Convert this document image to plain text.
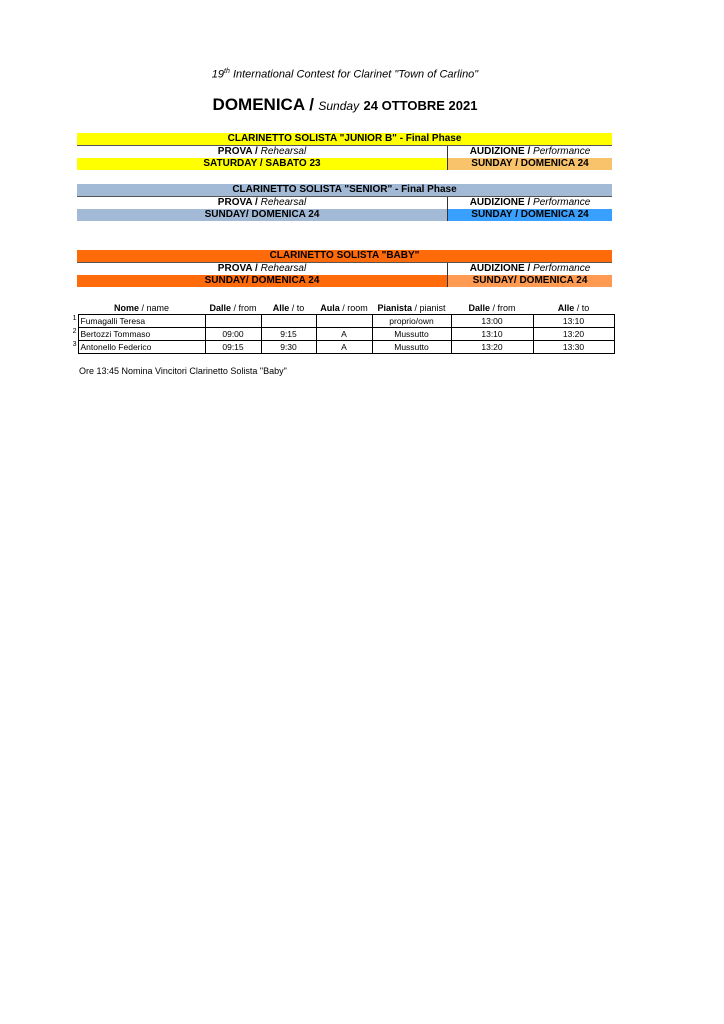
19th International Contest for Clarinet "Town of Carlino"
DOMENICA / Sunday 24 OTTOBRE 2021
CLARINETTO SOLISTA "JUNIOR B" - Final Phase
PROVA / Rehearsal	AUDIZIONE / Performance
SATURDAY / SABATO 23	SUNDAY / DOMENICA 24
CLARINETTO SOLISTA "SENIOR" - Final Phase
PROVA / Rehearsal	AUDIZIONE / Performance
SUNDAY/ DOMENICA 24	SUNDAY / DOMENICA 24
CLARINETTO SOLISTA "BABY"
PROVA / Rehearsal	AUDIZIONE / Performance
SUNDAY/ DOMENICA 24	SUNDAY/ DOMENICA 24
	Nome / name	Dalle / from	Alle / to	Aula / room	Pianista / pianist	Dalle / from	Alle / to
1	Fumagalli Teresa				proprio/own	13:00	13:10
2	Bertozzi Tommaso	09:00	9:15	A	Mussutto	13:10	13:20
3	Antonello Federico	09:15	9:30	A	Mussutto	13:20	13:30
Ore 13:45 Nomina Vincitori Clarinetto Solista "Baby"
